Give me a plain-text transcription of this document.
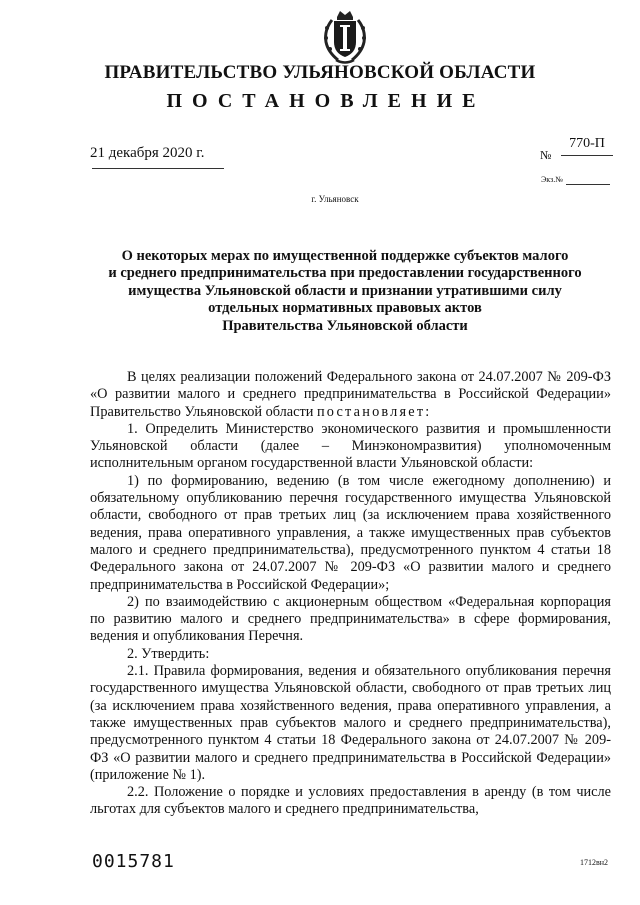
ПРАВИТЕЛЬСТВО УЛЬЯНОВСКОЙ ОБЛАСТИ
ПОСТАНОВЛЕНИЕ
21 декабря 2020 г.	№
770-П
Экз.№
г. Ульяновск
О некоторых мерах по имущественной поддержке субъектов малого
и среднего предпринимательства при предоставлении государственного
имущества Ульяновской области и признании утратившими силу
отдельных нормативных правовых актов
Правительства Ульяновской области

В целях реализации положений Федерального закона от 24.07.2007 № 209-ФЗ «О развитии малого и среднего предпринимательства в Российской Федерации» Правительство Ульяновской области постановляет:

1. Определить Министерство экономического развития и промышленности Ульяновской области (далее – Минэкономразвития) уполномоченным исполнительным органом государственной власти Ульяновской области:

1) по формированию, ведению (в том числе ежегодному дополнению) и обязательному опубликованию перечня государственного имущества Ульяновской области, свободного от прав третьих лиц (за исключением права хозяйственного ведения, права оперативного управления, а также имущественных прав субъектов малого и среднего предпринимательства), предусмотренного пунктом 4 статьи 18 Федерального закона от 24.07.2007 № 209-ФЗ «О развитии малого и среднего предпринимательства в Российской Федерации»;

2) по взаимодействию с акционерным обществом «Федеральная корпорация по развитию малого и среднего предпринимательства» в сфере формирования, ведения и опубликования Перечня.

2. Утвердить:

2.1. Правила формирования, ведения и обязательного опубликования перечня государственного имущества Ульяновской области, свободного от прав третьих лиц (за исключением права хозяйственного ведения, права оперативного управления, а также имущественных прав субъектов малого и среднего предпринимательства), предусмотренного пунктом 4 статьи 18 Федерального закона от 24.07.2007 № 209-ФЗ «О развитии малого и среднего предпринимательства в Российской Федерации» (приложение № 1).

2.2. Положение о порядке и условиях предоставления в аренду (в том числе льготах для субъектов малого и среднего предпринимательства,

0015781	1712вн2
